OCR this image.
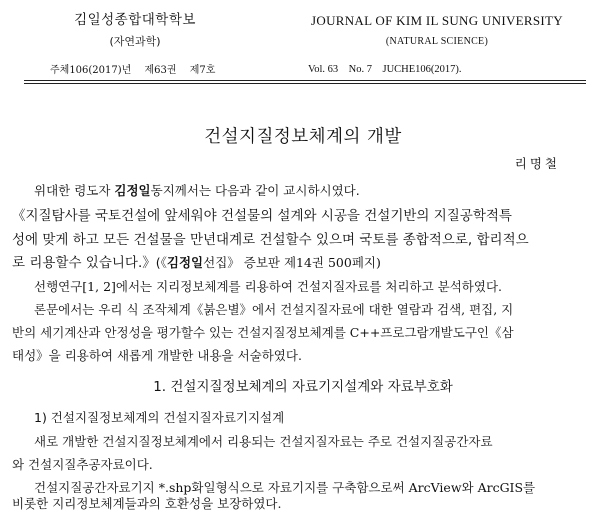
김일성종합대학학보
(자연과학)
JOURNAL OF KIM IL SUNG UNIVERSITY
(NATURAL SCIENCE)
주체106(2017)년 　제63권　 제7호	Vol. 63　No. 7　JUCHE106(2017).
건설지질정보체계의 개발
리명철
위대한 령도자 김정일동지께서는 다음과 같이 교시하시였다.
《지질탐사를 국토건설에 앞세워야 건설물의 설계와 시공을 건설기반의 지질공학적특
성에 맞게 하고 모든 건설물을 만년대계로 건설할수 있으며 국토를 종합적으로, 합리적으
로 리용할수 있습니다.》(《김정일선집》 증보판 제14권 500페지)
선행연구[1, 2]에서는 지리정보체계를 리용하여 건설지질자료를 처리하고 분석하였다.
론문에서는 우리 식 조작체계《붉은별》에서 건설지질자료에 대한 열람과 검색, 편집, 지
반의 세기계산과 안정성을 평가할수 있는 건설지질정보체계를 C++프로그람개발도구인《삼
태성》을 리용하여 새롭게 개발한 내용을 서술하였다.
1. 건설지질정보체계의 자료기지설계와 자료부호화
1) 건설지질정보체계의 건설지질자료기지설계
새로 개발한 건설지질정보체계에서 리용되는 건설지질자료는 주로 건설지질공간자료
와 건설지질추공자료이다.
건설지질공간자료기지 *.shp화일형식으로 자료기지를 구축함으로써 ArcView와 ArcGIS를
비롯한 지리정보체계들과의 호환성을 보장하였다.
